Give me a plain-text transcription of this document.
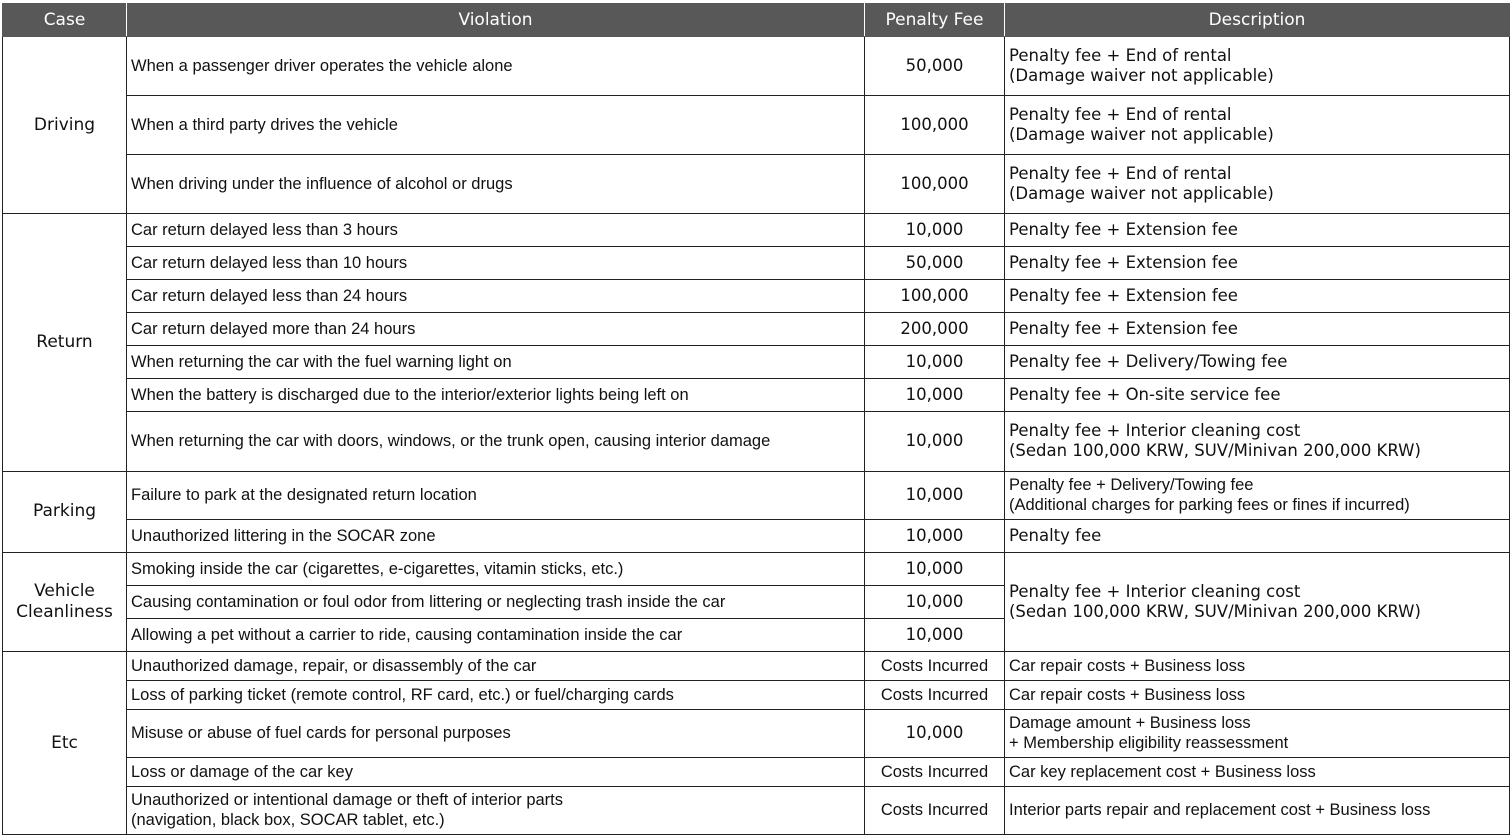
Case	Violation	Penalty Fee	Description
Driving	When a passenger driver operates the vehicle alone	50,000	Penalty fee + End of rental
(Damage waiver not applicable)

	When a third party drives the vehicle	100,000	Penalty fee + End of rental
(Damage waiver not applicable)

	When driving under the influence of alcohol or drugs	100,000	Penalty fee + End of rental
(Damage waiver not applicable)

Return	Car return delayed less than 3 hours	10,000	Penalty fee + Extension fee
	Car return delayed less than 10 hours	50,000	Penalty fee + Extension fee
	Car return delayed less than 24 hours	100,000	Penalty fee + Extension fee
	Car return delayed more than 24 hours	200,000	Penalty fee + Extension fee
	When returning the car with the fuel warning light on	10,000	Penalty fee + Delivery/Towing fee
	When the battery is discharged due to the interior/exterior lights being left on	10,000	Penalty fee + On-site service fee
	When returning the car with doors, windows, or the trunk open, causing interior damage	10,000	Penalty fee + Interior cleaning cost
(Sedan 100,000 KRW, SUV/Minivan 200,000 KRW)

Parking	Failure to park at the designated return location	10,000	Penalty fee + Delivery/Towing fee
(Additional charges for parking fees or fines if incurred)

	Unauthorized littering in the SOCAR zone	10,000	Penalty fee

Vehicle
Cleanliness	Smoking inside the car (cigarettes, e-cigarettes, vitamin sticks, etc.)	10,000	Penalty fee + Interior cleaning cost
(Sedan 100,000 KRW, SUV/Minivan 200,000 KRW)

	Causing contamination or foul odor from littering or neglecting trash inside the car	10,000	
	Allowing a pet without a carrier to ride, causing contamination inside the car	10,000	
Etc	Unauthorized damage, repair, or disassembly of the car	Costs Incurred	Car repair costs + Business loss
	Loss of parking ticket (remote control, RF card, etc.) or fuel/charging cards	Costs Incurred	Car repair costs + Business loss
	Misuse or abuse of fuel cards for personal purposes	10,000	Damage amount + Business loss
+ Membership eligibility reassessment

	Loss or damage of the car key	Costs Incurred	Car key replacement cost + Business loss

	Unauthorized or intentional damage or theft of interior parts
(navigation, black box, SOCAR tablet, etc.)	Costs Incurred	Interior parts repair and replacement cost + Business loss
